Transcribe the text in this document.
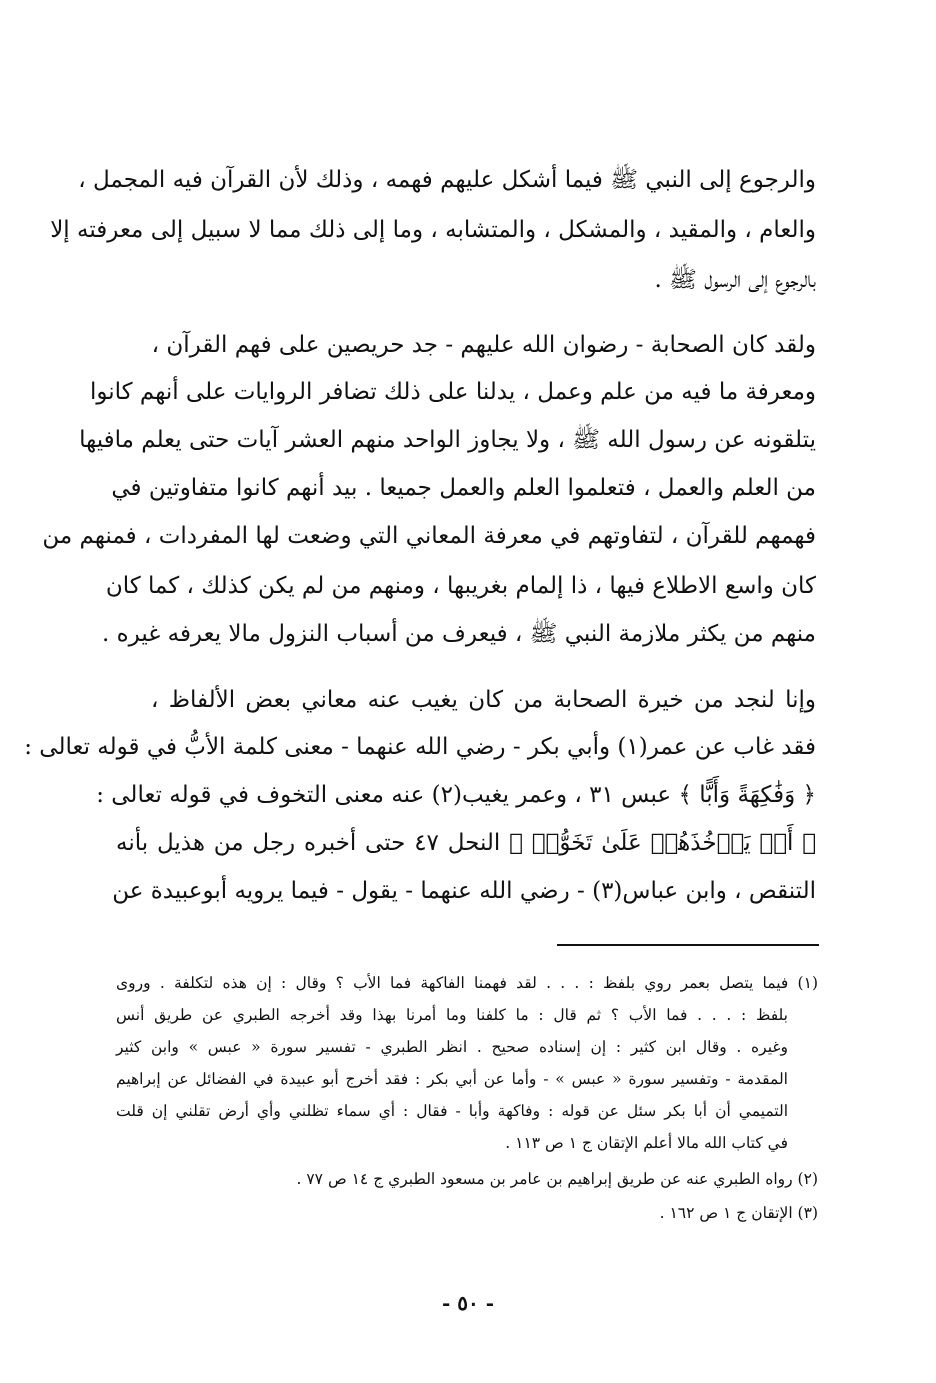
والرجوع إلى النبي ﷺ فيما أشكل عليهم فهمه ، وذلك لأن القرآن فيه المجمل ،
والعام ، والمقيد ، والمشكل ، والمتشابه ، وما إلى ذلك مما لا سبيل إلى معرفته إلا
بالرجوع إلى الرسول ﷺ .
ولقد كان الصحابة - رضوان الله عليهم - جد حريصين على فهم القرآن ،
ومعرفة ما فيه من علم وعمل ، يدلنا على ذلك تضافر الروايات على أنهم كانوا
يتلقونه عن رسول الله ﷺ ، ولا يجاوز الواحد منهم العشر آيات حتى يعلم مافيها
من العلم والعمل ، فتعلموا العلم والعمل جميعا . بيد أنهم كانوا متفاوتين في
فهمهم للقرآن ، لتفاوتهم في معرفة المعاني التي وضعت لها المفردات ، فمنهم من
كان واسع الاطلاع فيها ، ذا إلمام بغريبها ، ومنهم من لم يكن كذلك ، كما كان
منهم من يكثر ملازمة النبي ﷺ ، فيعرف من أسباب النزول مالا يعرفه غيره .
وإنا لنجد من خيرة الصحابة من كان يغيب عنه معاني بعض الألفاظ ،
فقد غاب عن عمر(١) وأبي بكر - رضي الله عنهما - معنى كلمة الأبُّ في قوله تعالى :
﴿ وَفَٰكِهَةً وَأَبًّا ﴾ عبس ٣١ ، وعمر يغيب(٢) عنه معنى التخوف في قوله تعالى :
﴿ أَوۡ يَأۡخُذَهُمۡ عَلَىٰ تَخَوُّفٖ ﴾ النحل ٤٧ حتى أخبره رجل من هذيل بأنه
التنقص ، وابن عباس(٣) - رضي الله عنهما - يقول - فيما يرويه أبوعبيدة عن
(١) فيما يتصل بعمر روي بلفظ : . . . لقد فهمنا الفاكهة فما الأب ؟ وقال : إن هذه لتكلفة . وروى
بلفظ : . . . فما الأب ؟ ثم قال : ما كلفنا وما أمرنا بهذا وقد أخرجه الطبري عن طريق أنس
وغيره . وقال ابن كثير : إن إسناده صحيح . انظر الطبري - تفسير سورة « عبس » وابن كثير
المقدمة - وتفسير سورة « عبس » - وأما عن أبي بكر : فقد أخرج أبو عبيدة في الفضائل عن إبراهيم
التميمي أن أبا بكر سئل عن قوله : وفاكهة وأبا - فقال : أي سماء تظلني وأي أرض تقلني إن قلت
في كتاب الله مالا أعلم الإتقان ج ١ ص ١١٣ .
(٢) رواه الطبري عنه عن طريق إبراهيم بن عامر بن مسعود الطبري ج ١٤ ص ٧٧ .
(٣) الإتقان ج ١ ص ١٦٢ .
- ٥٠ -
